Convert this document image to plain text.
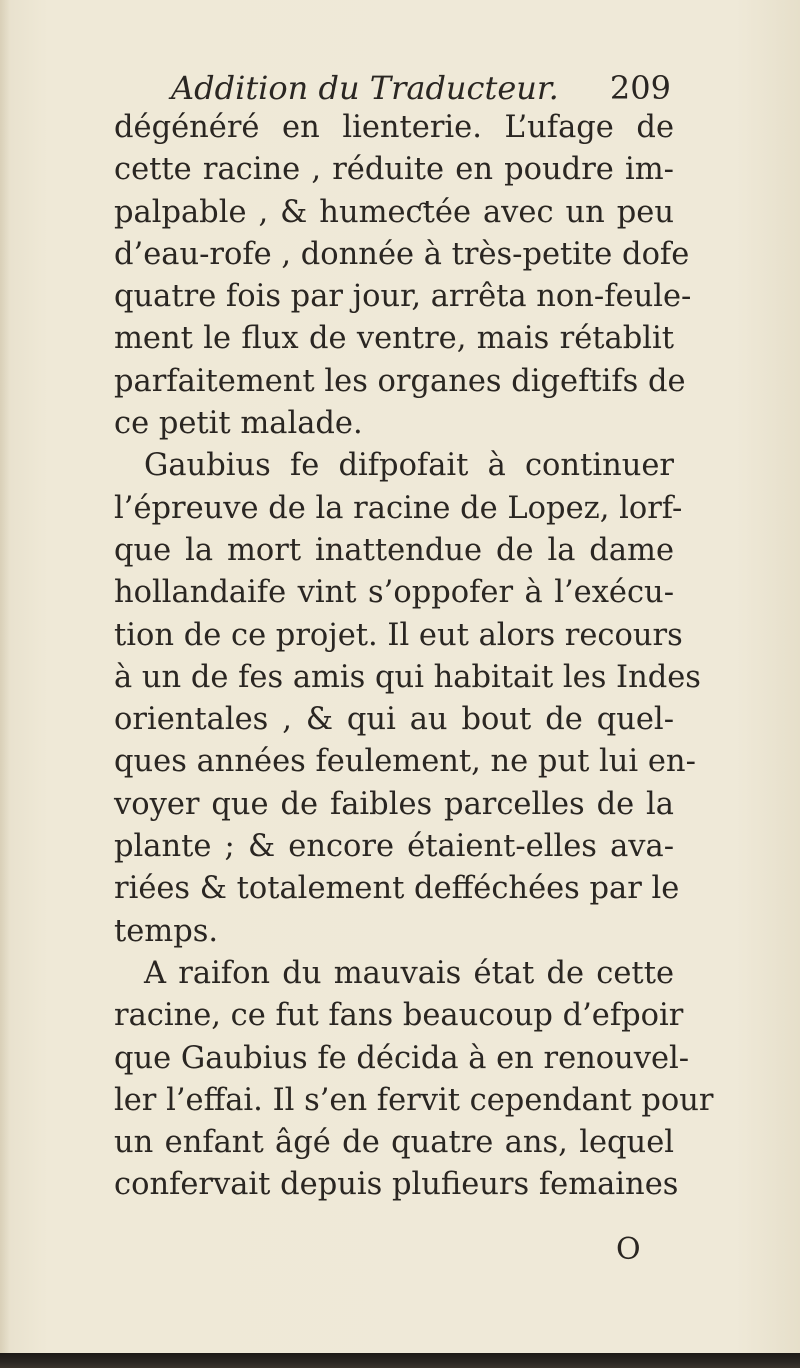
Addition du Traducteur. 209
dégénéré en lienterie. L’ufage de
cette racine , réduite en poudre im-
palpable , & humeƈtée avec un peu
d’eau-rofe , donnée à très-petite dofe
quatre fois par jour, arrêta non-feule-
ment le flux de ventre, mais rétablit
parfaitement les organes digeftifs de
ce petit malade.
Gaubius fe difpofait à continuer
l’épreuve de la racine de Lopez, lorf-
que la mort inattendue de la dame
hollandaife vint s’oppofer à l’exécu-
tion de ce projet. Il eut alors recours
à un de fes amis qui habitait les Indes
orientales , & qui au bout de quel-
ques années feulement, ne put lui en-
voyer que de faibles parcelles de la
plante ; & encore étaient-elles ava-
riées & totalement defféchées par le
temps.
A raifon du mauvais état de cette
racine, ce fut fans beaucoup d’efpoir
que Gaubius fe décida à en renouvel-
ler l’effai. Il s’en fervit cependant pour
un enfant âgé de quatre ans, lequel
confervait depuis plufieurs femaines
O
